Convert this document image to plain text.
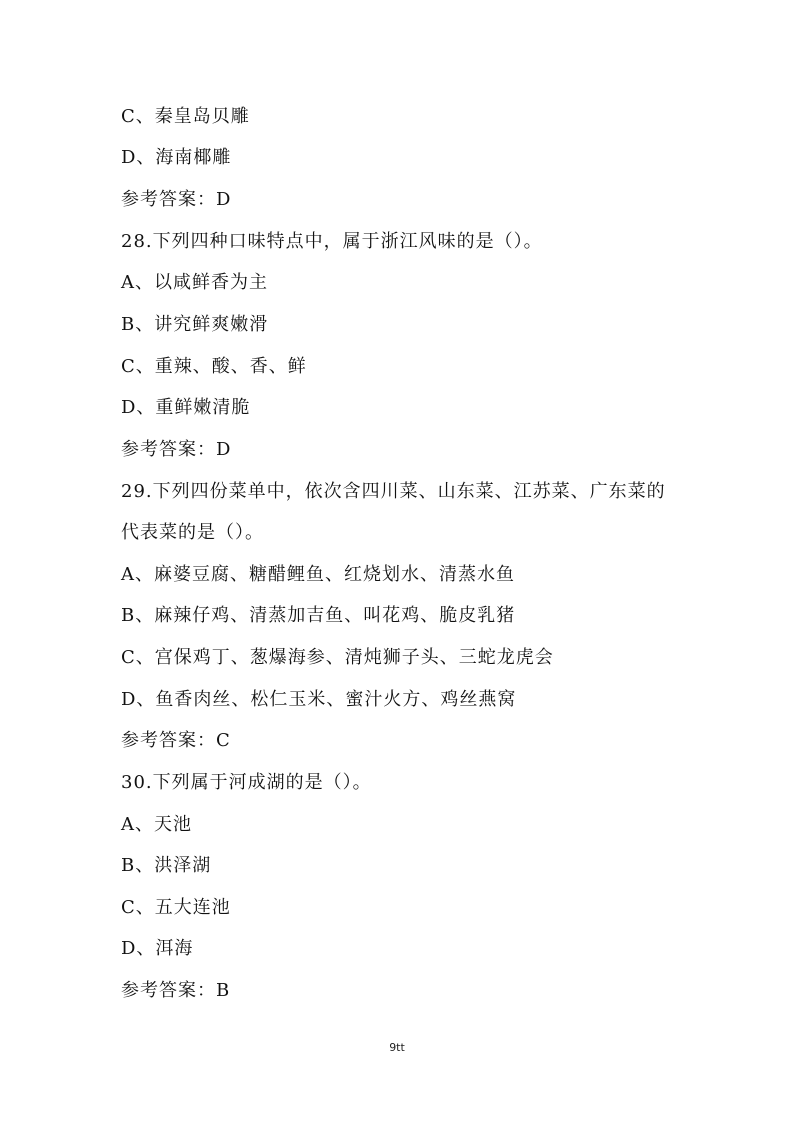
C、秦皇岛贝雕
D、海南椰雕
参考答案：D
28.下列四种口味特点中，属于浙江风味的是（）。
A、以咸鲜香为主
B、讲究鲜爽嫩滑
C、重辣、酸、香、鲜
D、重鲜嫩清脆
参考答案：D
29.下列四份菜单中，依次含四川菜、山东菜、江苏菜、广东菜的
代表菜的是（）。
A、麻婆豆腐、糖醋鲤鱼、红烧划水、清蒸水鱼
B、麻辣仔鸡、清蒸加吉鱼、叫花鸡、脆皮乳猪
C、宫保鸡丁、葱爆海参、清炖狮子头、三蛇龙虎会
D、鱼香肉丝、松仁玉米、蜜汁火方、鸡丝燕窝
参考答案：C
30.下列属于河成湖的是（）。
A、天池
B、洪泽湖
C、五大连池
D、洱海
参考答案：B
9tt
